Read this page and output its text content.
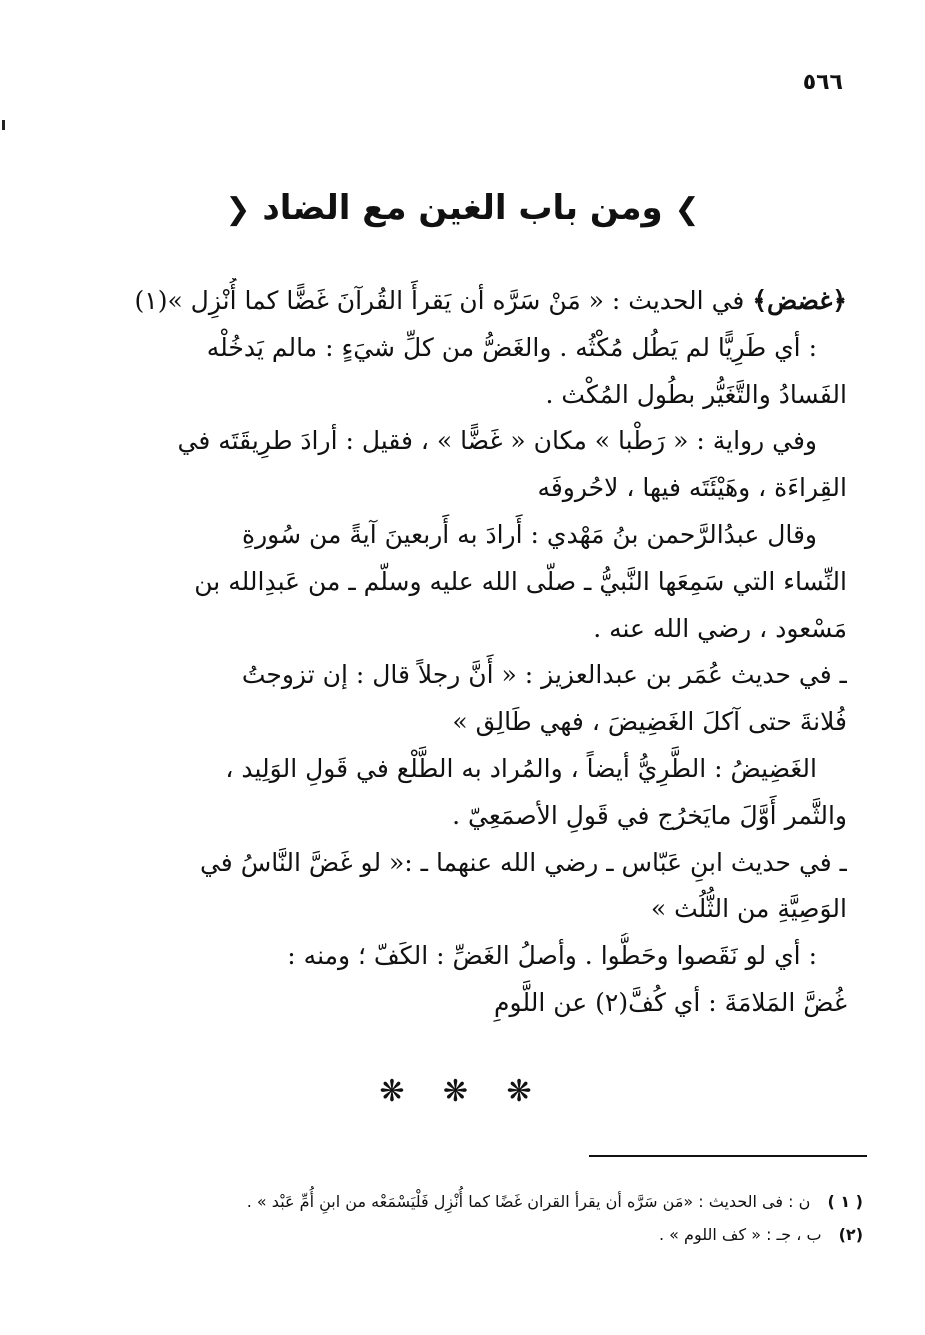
٥٦٦
❯ ومن باب الغين مع الضاد ❮
﴿غضض﴾ في الحديث : « مَنْ سَرَّه أن يَقرأَ القُرآنَ غَضًّا كما أُنْزِل »(١)
: أي طَرِيًّا لم يَطُل مُكْثُه . والغَضُّ من كلِّ شيَءٍ : مالم يَدخُلْه
الفَسادُ والتَّغَيُّر بطُول المُكْث .
وفي رواية : « رَطْبا » مكان « غَضًّا » ، فقيل : أرادَ طرِيقَتَه في
القِراءَة ، وهَيْئَتَه فيها ، لاحُروفَه
وقال عبدُالرَّحمن بنُ مَهْدي : أَرادَ به أَربعينَ آيةً من سُورةِ
النِّساء التي سَمِعَها النَّبيُّ ـ صلّى الله عليه وسلّم ـ من عَبدِالله بن
مَسْعود ، رضي الله عنه .
ـ في حديث عُمَر بن عبدالعزيز : « أَنَّ رجلاً قال : إن تزوجتُ
فُلانةَ حتى آكلَ الغَضِيضَ ، فهي طَالِق »
الغَضِيضُ : الطَّرِيُّ أيضاً ، والمُراد به الطَّلْع في قَولِ الوَلِيد ،
والثَّمر أَوَّلَ مايَخرُج في قَولِ الأصمَعِيّ .
ـ في حديث ابنِ عَبّاس ـ رضي الله عنهما ـ :« لو غَضَّ النَّاسُ في
الوَصِيَّةِ من الثُّلُث »
: أي لو نَقَصوا وحَطُّوا . وأصلُ الغَضِّ : الكَفّ ؛ ومنه :
غُضَّ المَلامَةَ : أي كُفَّ(٢) عن اللَّومِ
❋ ❋ ❋
( ١ ) ن : فى الحديث : «مَن سَرَّه أن يقرأ القران غَضًا كما أُنْزِل فَلْيَسْمَعْه من ابنِ أُمِّ عَبْد » .
(٢) ب ، جـ : « كف اللوم » .
